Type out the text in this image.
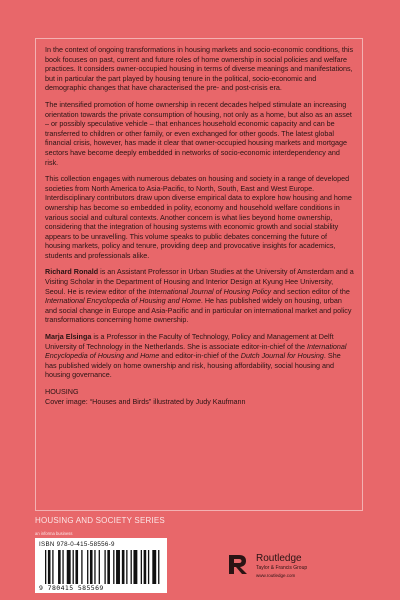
In the context of ongoing transformations in housing markets and socio-economic conditions, this book focuses on past, current and future roles of home ownership in social policies and welfare practices. It considers owner-occupied housing in terms of diverse meanings and manifestations, but in particular the part played by housing tenure in the political, socio-economic and demographic changes that have characterised the pre- and post-crisis era.

The intensified promotion of home ownership in recent decades helped stimulate an increasing orientation towards the private consumption of housing, not only as a home, but also as an asset – or possibly speculative vehicle – that enhances household economic capacity and can be transferred to children or other family, or even exchanged for other goods. The latest global financial crisis, however, has made it clear that owner-occupied housing markets and mortgage sectors have become deeply embedded in networks of socio-economic interdependency and risk.

This collection engages with numerous debates on housing and society in a range of developed societies from North America to Asia-Pacific, to North, South, East and West Europe. Interdisciplinary contributors draw upon diverse empirical data to explore how housing and home ownership has become so embedded in polity, economy and household welfare conditions in various social and cultural contexts. Another concern is what lies beyond home ownership, considering that the integration of housing systems with economic growth and social stability appears to be unravelling. This volume speaks to public debates concerning the future of housing markets, policy and tenure, providing deep and provocative insights for academics, students and professionals alike.

Richard Ronald is an Assistant Professor in Urban Studies at the University of Amsterdam and a Visiting Scholar in the Department of Housing and Interior Design at Kyung Hee University, Seoul. He is review editor of the International Journal of Housing Policy and section editor of the International Encyclopedia of Housing and Home. He has published widely on housing, urban and social change in Europe and Asia-Pacific and in particular on international market and policy transformations concerning home ownership.

Marja Elsinga is a Professor in the Faculty of Technology, Policy and Management at Delft University of Technology in the Netherlands. She is associate editor-in-chief of the International Encyclopedia of Housing and Home and editor-in-chief of the Dutch Journal for Housing. She has published widely on home ownership and risk, housing affordability, social housing and housing governance.

HOUSING
Cover image: “Houses and Birds” illustrated by Judy Kaufmann
HOUSING AND SOCIETY SERIES
an informa business
ISBN 978-0-415-58556-9
9 780415 585569
Routledge
Taylor & Francis Group
www.routledge.com
